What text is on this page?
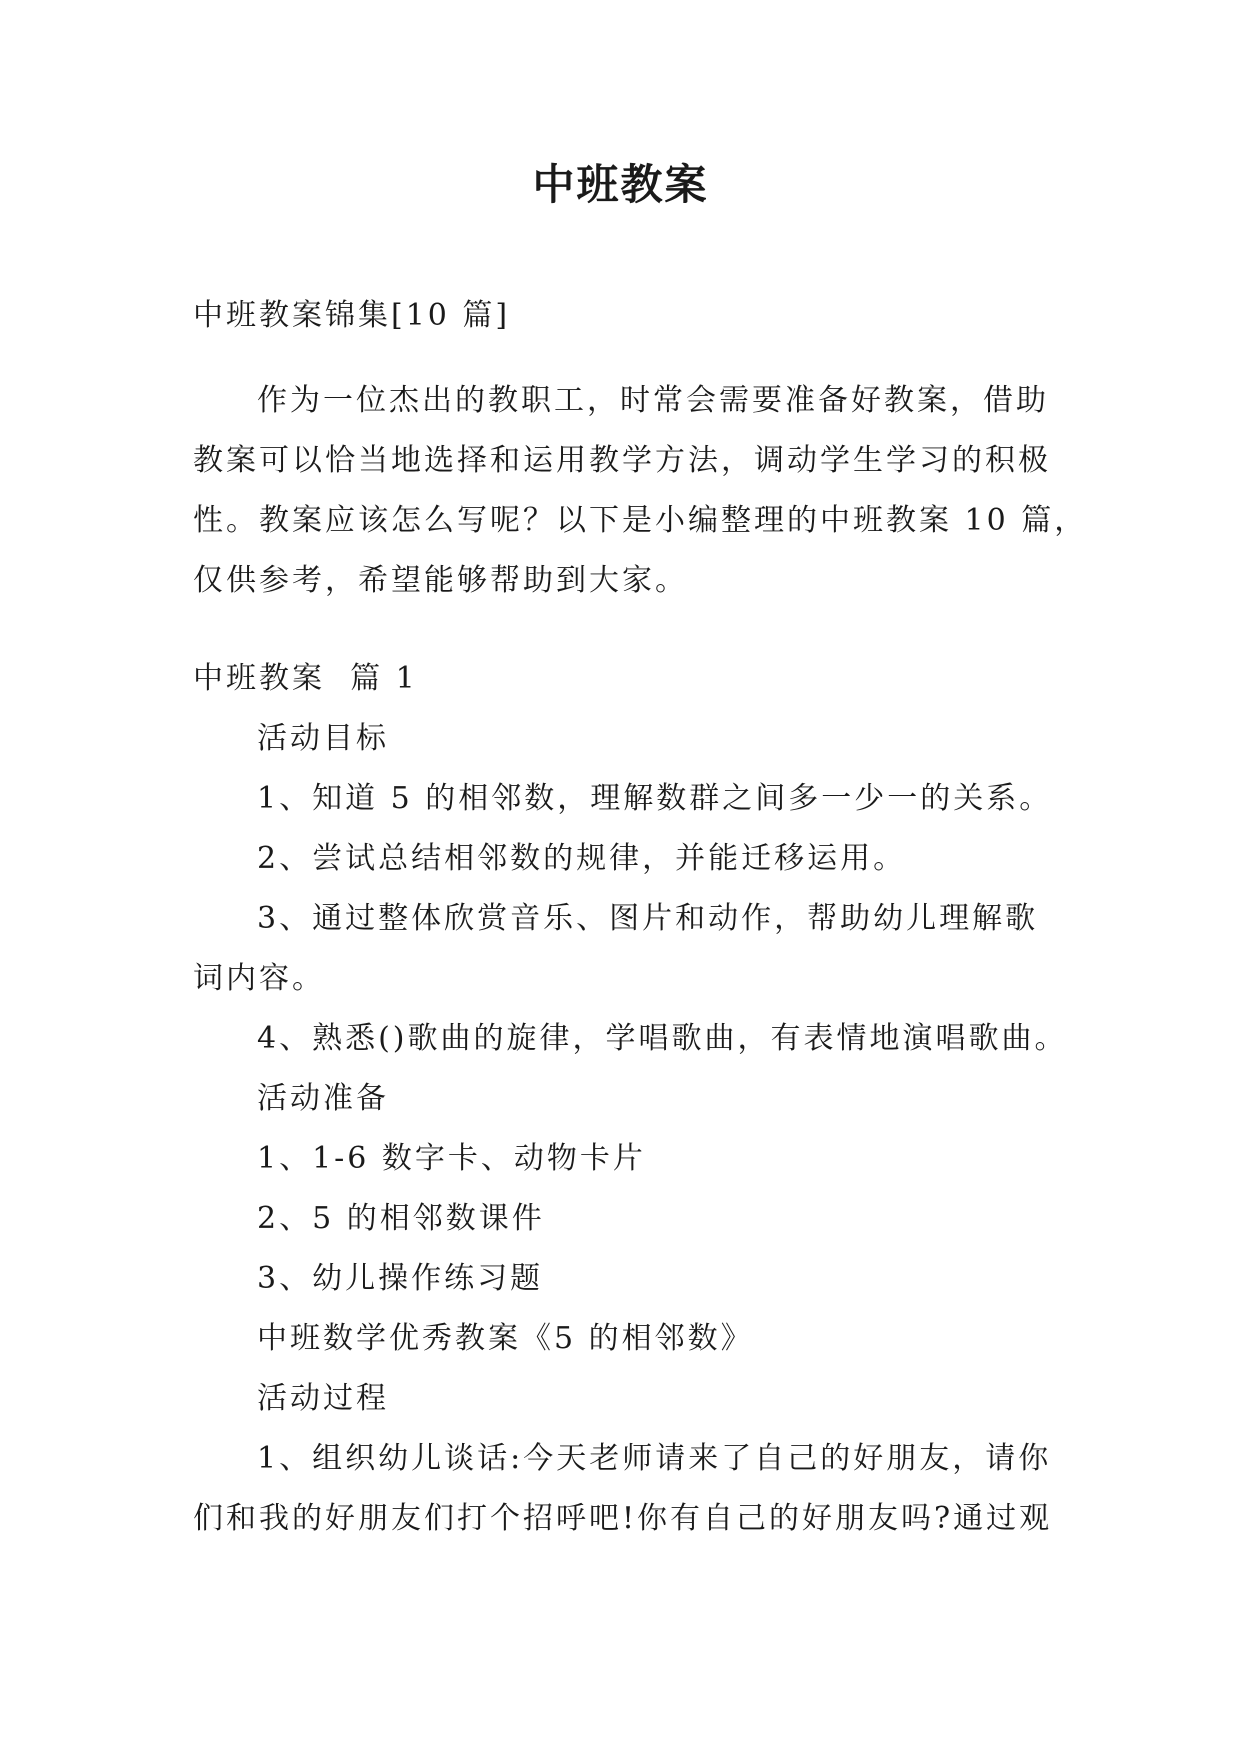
中班教案

中班教案锦集[10 篇]

作为一位杰出的教职工，时常会需要准备好教案，借助

教案可以恰当地选择和运用教学方法，调动学生学习的积极

性。教案应该怎么写呢？以下是小编整理的中班教案 10 篇，

仅供参考，希望能够帮助到大家。

中班教案  篇 1

活动目标

1、知道 5 的相邻数，理解数群之间多一少一的关系。

2、尝试总结相邻数的规律，并能迁移运用。

3、通过整体欣赏音乐、图片和动作，帮助幼儿理解歌

词内容。

4、熟悉()歌曲的旋律，学唱歌曲，有表情地演唱歌曲。

活动准备

1、1-6 数字卡、动物卡片

2、5 的相邻数课件

3、幼儿操作练习题

中班数学优秀教案《5 的相邻数》

活动过程

1、组织幼儿谈话:今天老师请来了自己的好朋友，请你

们和我的好朋友们打个招呼吧!你有自己的好朋友吗?通过观
